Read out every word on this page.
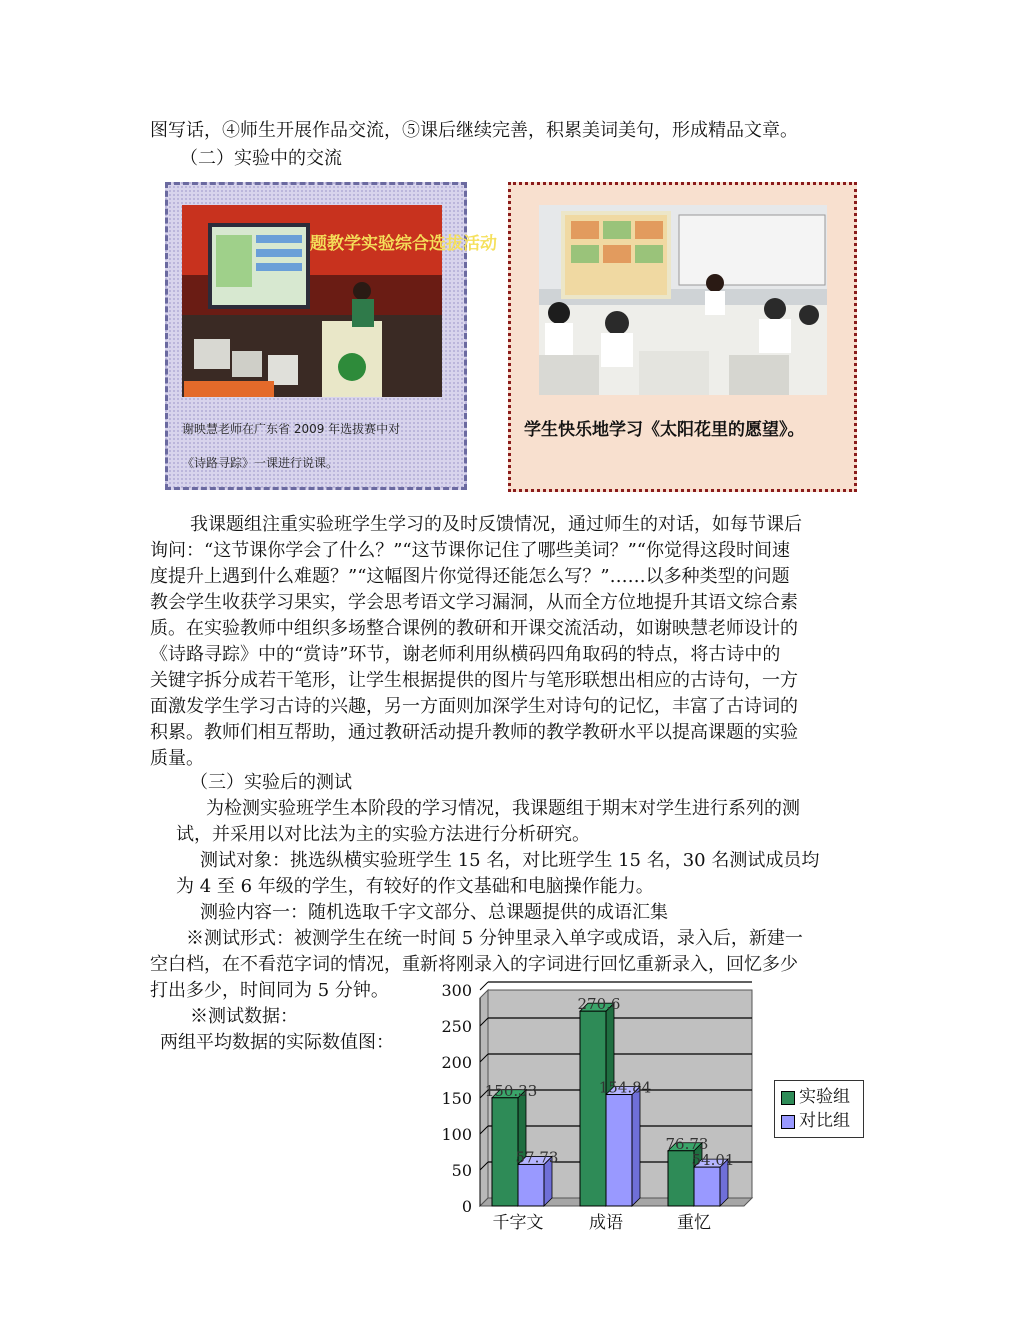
图写话，④师生开展作品交流，⑤课后继续完善，积累美词美句，形成精品文章。
（二）实验中的交流
题教学实验综合选拔活动
谢映慧老师在广东省 2009 年选拔赛中对
《诗路寻踪》一课进行说课。
学生快乐地学习《太阳花里的愿望》。
我课题组注重实验班学生学习的及时反馈情况，通过师生的对话，如每节课后
询问：“这节课你学会了什么？”“这节课你记住了哪些美词？”“你觉得这段时间速
度提升上遇到什么难题？”“这幅图片你觉得还能怎么写？”……以多种类型的问题
教会学生收获学习果实，学会思考语文学习漏洞，从而全方位地提升其语文综合素
质。在实验教师中组织多场整合课例的教研和开课交流活动，如谢映慧老师设计的
《诗路寻踪》中的“赏诗”环节，谢老师利用纵横码四角取码的特点，将古诗中的
关键字拆分成若干笔形，让学生根据提供的图片与笔形联想出相应的古诗句，一方
面激发学生学习古诗的兴趣，另一方面则加深学生对诗句的记忆，丰富了古诗词的
积累。教师们相互帮助，通过教研活动提升教师的教学教研水平以提高课题的实验
质量。
（三）实验后的测试
为检测实验班学生本阶段的学习情况，我课题组于期末对学生进行系列的测
试，并采用以对比法为主的实验方法进行分析研究。
测试对象：挑选纵横实验班学生 15 名，对比班学生 15 名，30 名测试成员均
为 4 至 6 年级的学生，有较好的作文基础和电脑操作能力。
测验内容一：随机选取千字文部分、总课题提供的成语汇集
※测试形式：被测学生在统一时间 5 分钟里录入单字或成语，录入后，新建一
空白档，在不看范字词的情况，重新将刚录入的字词进行回忆重新录入，回忆多少
打出多少，时间同为 5 分钟。
※测试数据：
两组平均数据的实际数值图：
0
50
100
150
200
250
300
150.33
57.73
千字文
270.6
154.84
成语
76.73
54.01
重忆
实验组
对比组
